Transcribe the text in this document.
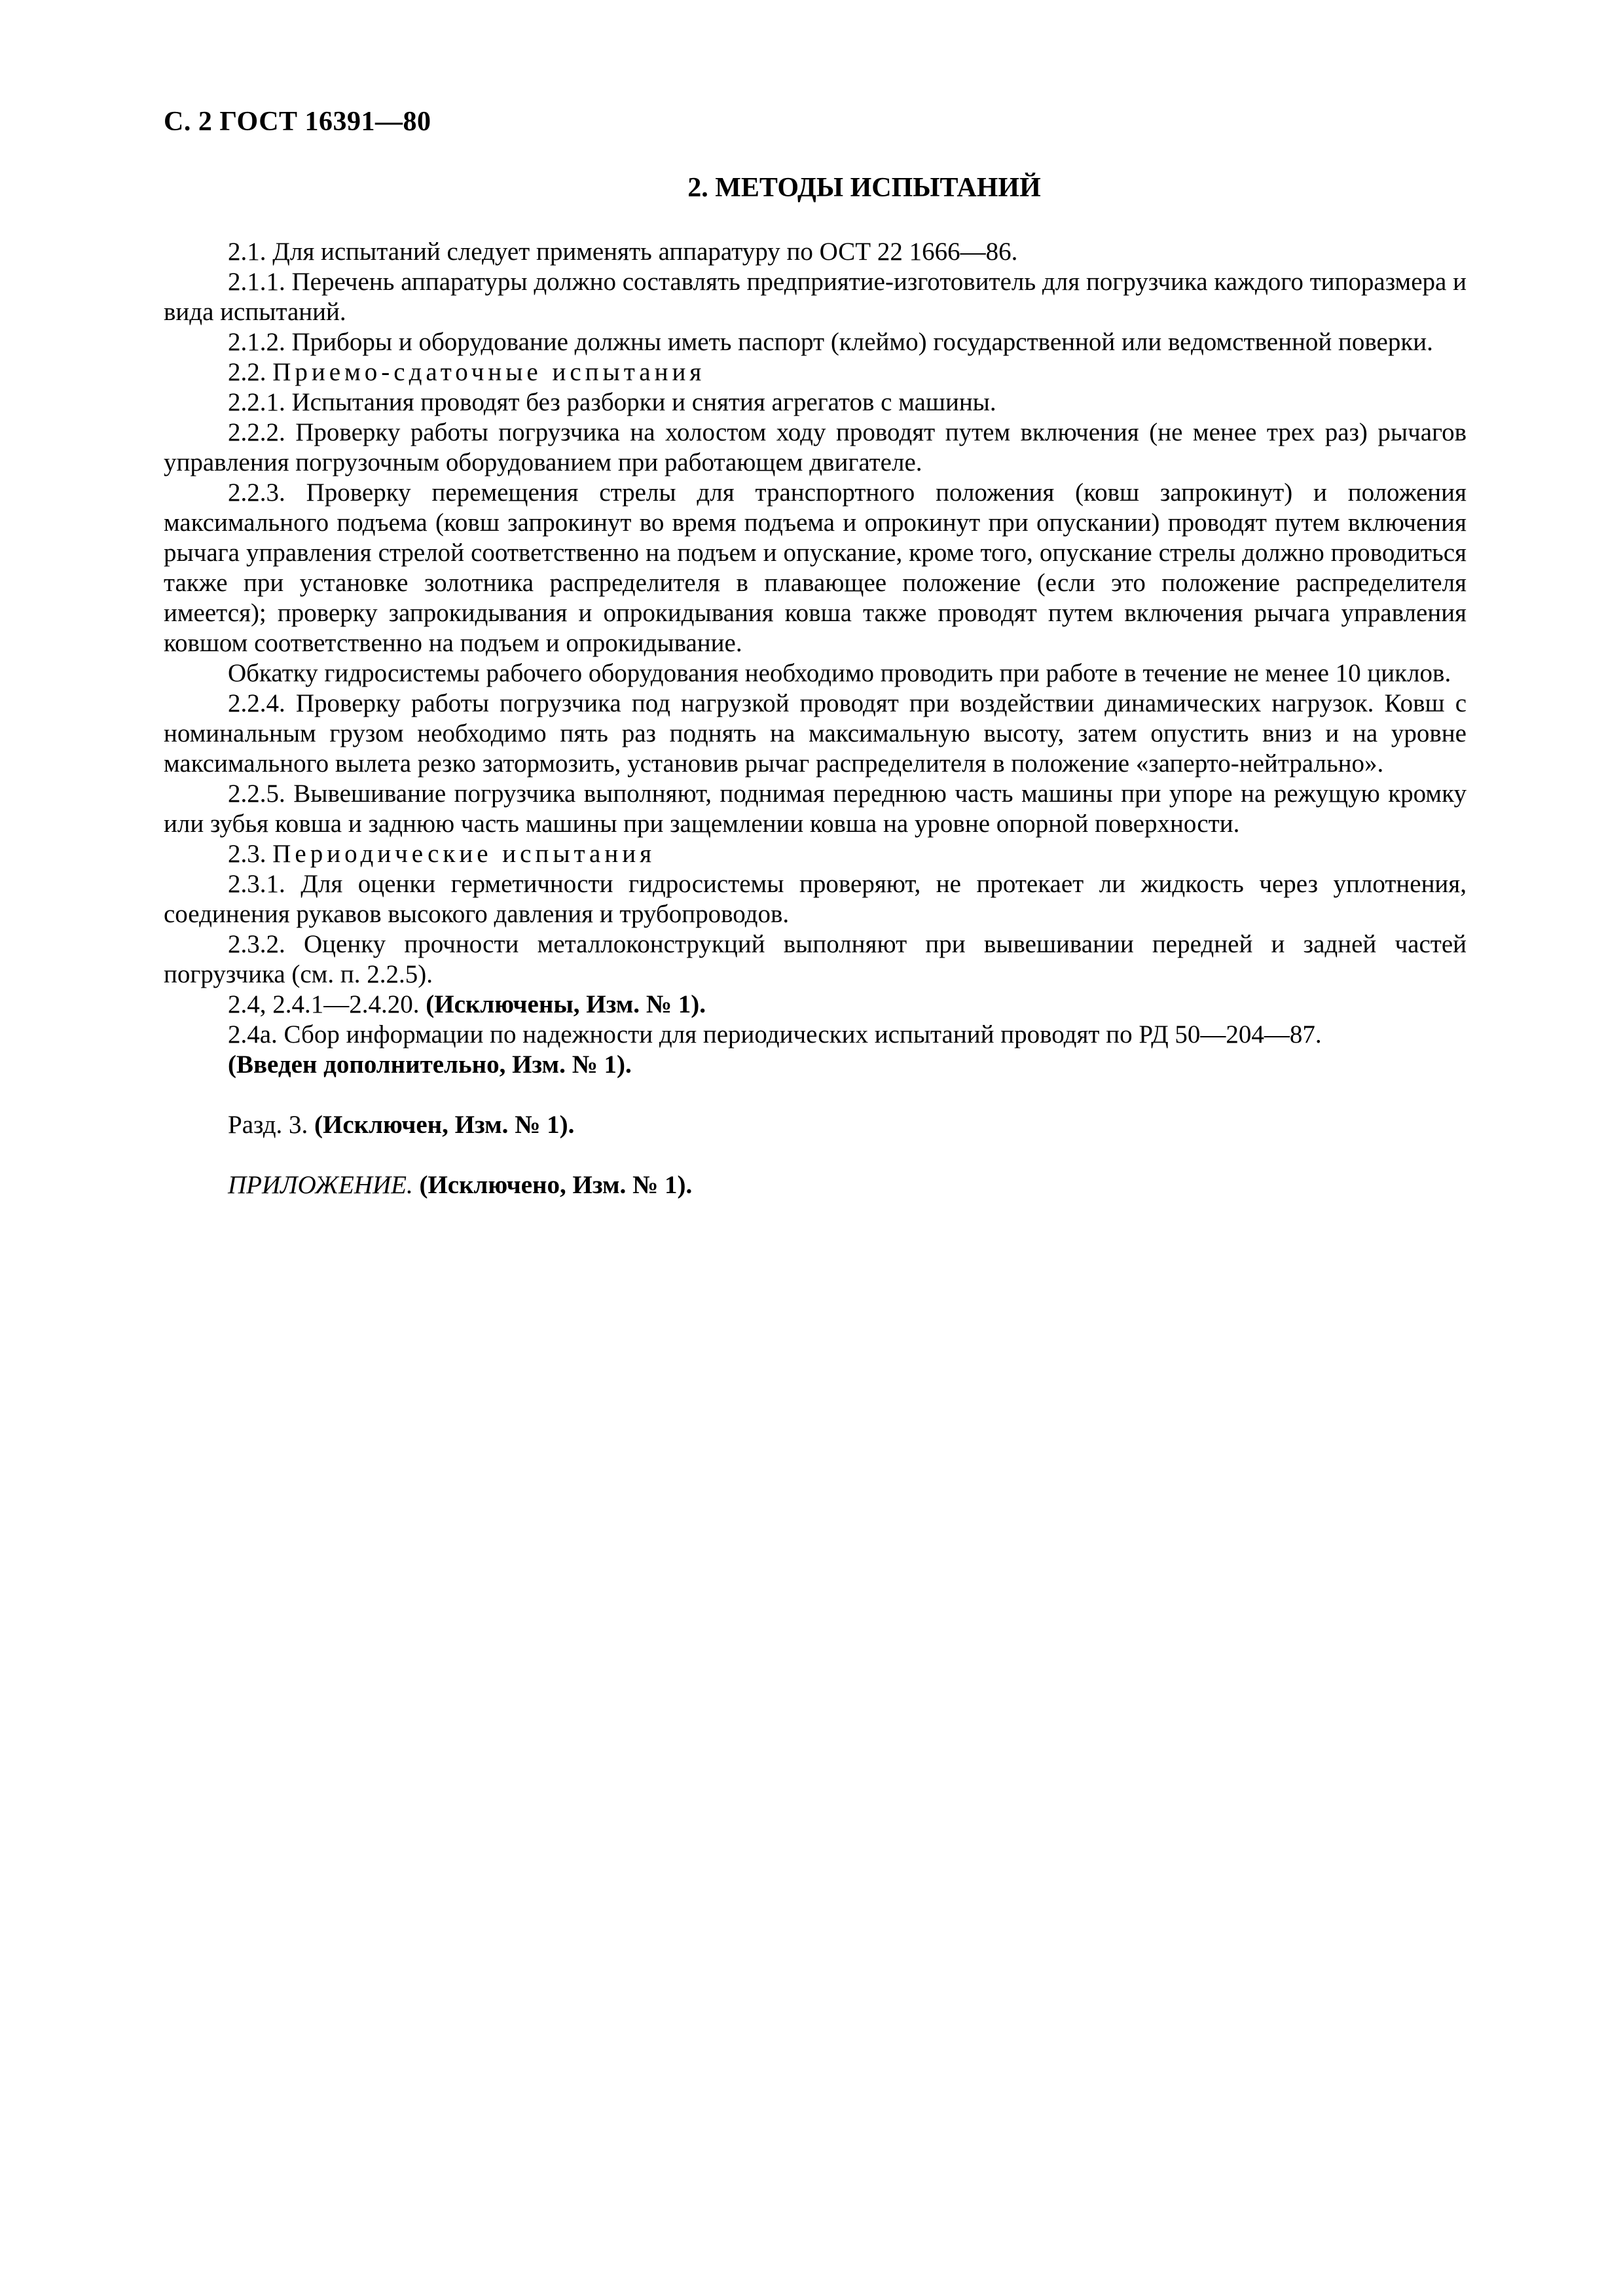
С. 2 ГОСТ 16391—80
2. МЕТОДЫ ИСПЫТАНИЙ

2.1. Для испытаний следует применять аппаратуру по ОСТ 22 1666—86.

2.1.1. Перечень аппаратуры должно составлять предприятие-изготовитель для погрузчика каждого типоразмера и вида испытаний.

2.1.2. Приборы и оборудование должны иметь паспорт (клеймо) государственной или ведомственной поверки.

2.2. Приемо-сдаточные испытания

2.2.1. Испытания проводят без разборки и снятия агрегатов с машины.

2.2.2. Проверку работы погрузчика на холостом ходу проводят путем включения (не менее трех раз) рычагов управления погрузочным оборудованием при работающем двигателе.

2.2.3. Проверку перемещения стрелы для транспортного положения (ковш запрокинут) и положения максимального подъема (ковш запрокинут во время подъема и опрокинут при опускании) проводят путем включения рычага управления стрелой соответственно на подъем и опускание, кроме того, опускание стрелы должно проводиться также при установке золотника распределителя в плавающее положение (если это положение распределителя имеется); проверку запрокидывания и опрокидывания ковша также проводят путем включения рычага управления ковшом соответственно на подъем и опрокидывание.

Обкатку гидросистемы рабочего оборудования необходимо проводить при работе в течение не менее 10 циклов.

2.2.4. Проверку работы погрузчика под нагрузкой проводят при воздействии динамических нагрузок. Ковш с номинальным грузом необходимо пять раз поднять на максимальную высоту, затем опустить вниз и на уровне максимального вылета резко затормозить, установив рычаг распределителя в положение «заперто-нейтрально».

2.2.5. Вывешивание погрузчика выполняют, поднимая переднюю часть машины при упоре на режущую кромку или зубья ковша и заднюю часть машины при защемлении ковша на уровне опорной поверхности.

2.3. Периодические испытания

2.3.1. Для оценки герметичности гидросистемы проверяют, не протекает ли жидкость через уплотнения, соединения рукавов высокого давления и трубопроводов.

2.3.2. Оценку прочности металлоконструкций выполняют при вывешивании передней и задней частей погрузчика (см. п. 2.2.5).

2.4, 2.4.1—2.4.20. (Исключены, Изм. № 1).

2.4а. Сбор информации по надежности для периодических испытаний проводят по РД 50—204—87.

(Введен дополнительно, Изм. № 1).

Разд. 3. (Исключен, Изм. № 1).

ПРИЛОЖЕНИЕ. (Исключено, Изм. № 1).
